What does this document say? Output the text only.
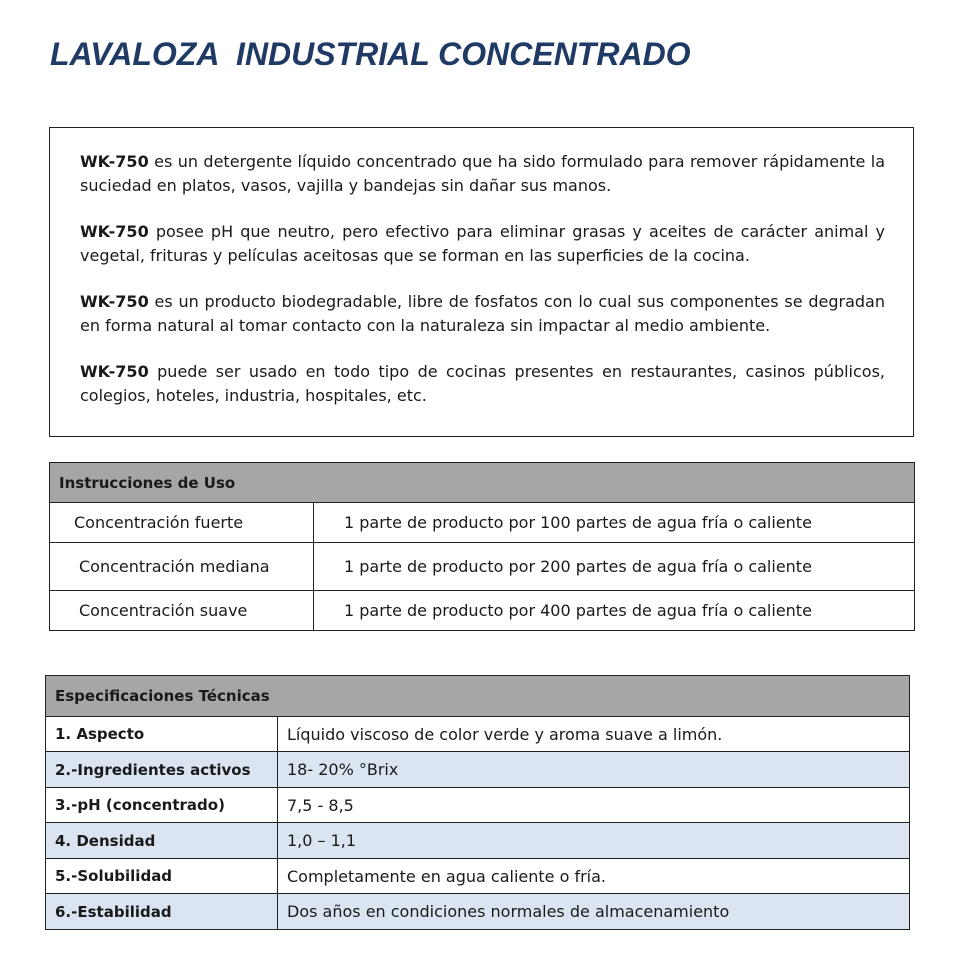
LAVALOZA  INDUSTRIAL CONCENTRADO

WK-750 es un detergente líquido concentrado que ha sido formulado para remover rápidamente la suciedad en platos, vasos, vajilla y bandejas sin dañar sus manos.

WK-750 posee pH que neutro, pero efectivo para eliminar grasas y aceites de carácter animal y vegetal, frituras y películas aceitosas que se forman en las superficies de la cocina.

WK-750 es un producto biodegradable, libre de fosfatos con lo cual sus componentes se degradan en forma natural al tomar contacto con la naturaleza sin impactar al medio ambiente.

WK-750 puede ser usado en todo tipo de cocinas presentes en restaurantes, casinos públicos, colegios, hoteles, industria, hospitales, etc.

Instrucciones de Uso	
Concentración fuerte	1 parte de producto por 100 partes de agua fría o caliente
Concentración mediana	1 parte de producto por 200 partes de agua fría o caliente
Concentración suave	1 parte de producto por 400 partes de agua fría o caliente
Especificaciones Técnicas	
1. Aspecto	Líquido viscoso de color verde y aroma suave a limón.
2.-Ingredientes activos	18- 20% °Brix
3.-pH (concentrado)	7,5 - 8,5
4. Densidad	1,0 – 1,1
5.-Solubilidad	Completamente en agua caliente o fría.
6.-Estabilidad	Dos años en condiciones normales de almacenamiento
